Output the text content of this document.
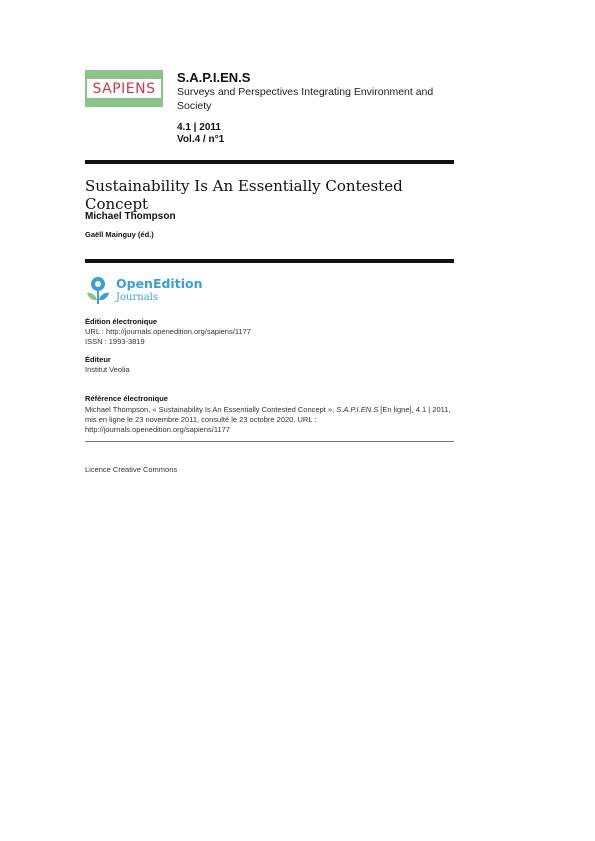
SAPIENS
S.A.P.I.EN.S
Surveys and Perspectives Integrating Environment and Society
4.1 | 2011
Vol.4 / n°1
Sustainability Is An Essentially Contested Concept
Michael Thompson
Gaëll Mainguy (éd.)
OpenEdition
Journals
Édition électronique
URL : http://journals.openedition.org/sapiens/1177
ISSN : 1993-3819
Éditeur
Institut Veolia
Référence électronique
Michael Thompson, « Sustainability Is An Essentially Contested Concept », S.A.P.I.EN.S [En ligne], 4.1 | 2011, mis en ligne le 23 novembre 2011, consulté le 23 octobre 2020. URL : http://journals.openedition.org/sapiens/1177
Licence Creative Commons
